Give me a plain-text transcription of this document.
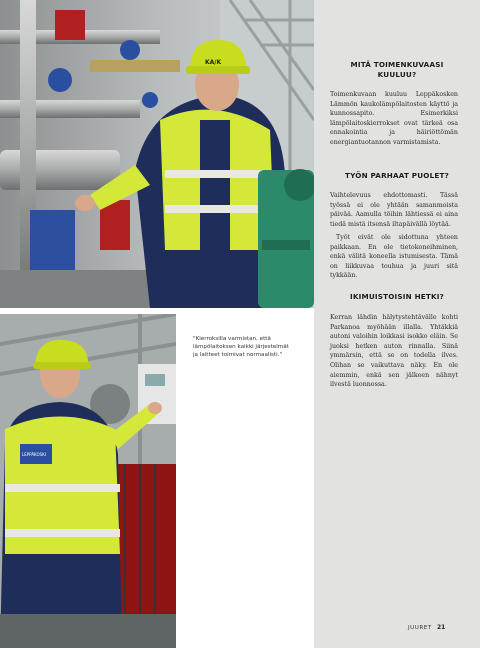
KA/K
LEPPÄKOSKI

"Kierroksilla varmistan, että lämpölaitoksen kaikki järjestelmät ja laitteet toimivat normaalisti."

MITÄ TOIMENKUVAASI KUULUU?

Toimenkuvaan kuuluu Leppäkosken Lämmön kaukolämpölaitosten käyttö ja kunnossapito. Esimerkiksi lämpölaitoskierrokset ovat tärkeä osa ennakointia ja häiriöttömän energiantuotannon varmistamista.

TYÖN PARHAAT PUOLET?

Vaihtelevuus ehdottomasti. Tässä työssä ei ole yhtään samanmoista päivää. Aamulla töihin lähtiessä ei aina tiedä mistä itsensä iltapäivällä löytää.

Työt eivät ole sidottuna yhteen paikkaan. En ole tietokoneihminen, enkä välitä koneella istumisesta. Tämä on liikkuvaa touhua ja juuri sitä tykkään.

IKIMUISTOISIN HETKI?

Kerran lähdin hälytystehtävälle kohti Parkanoa myöhään illalla. Yhtäkkiä autoni valoihin loikkasi isokko eläin. Se juoksi hetken auton rinnalla. Siinä ymmärsin, että se on todella ilves. Olihan se vaikuttava näky. En ole aiemmin, enkä sen jälkeen nähnyt ilvestä luonnossa.

JUURET 21
